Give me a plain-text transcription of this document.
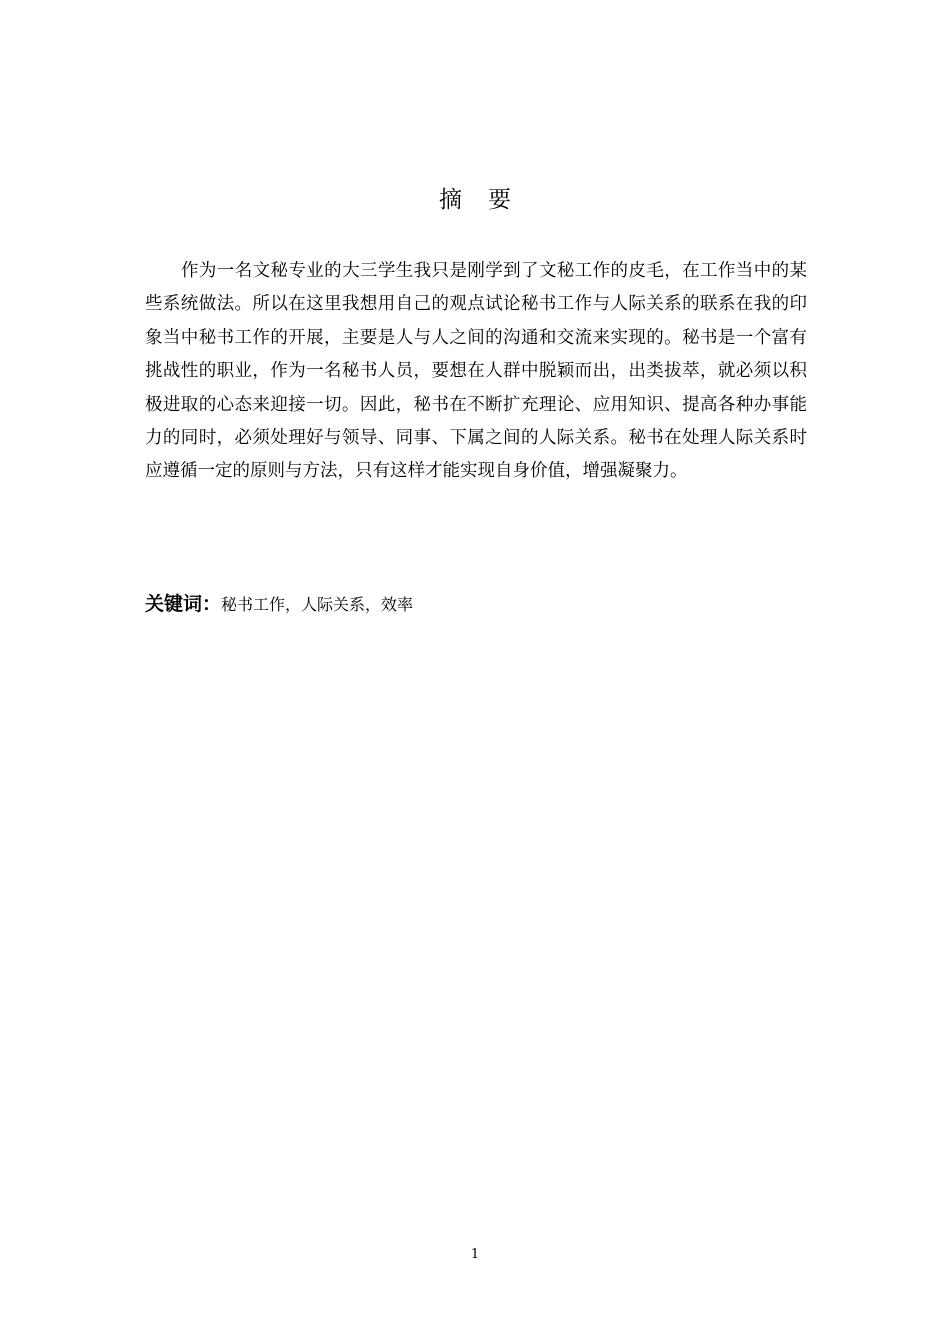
摘要

作为一名文秘专业的大三学生我只是刚学到了文秘工作的皮毛，在工作当中的某些系统做法。所以在这里我想用自己的观点试论秘书工作与人际关系的联系在我的印象当中秘书工作的开展，主要是人与人之间的沟通和交流来实现的。秘书是一个富有挑战性的职业，作为一名秘书人员，要想在人群中脱颖而出，出类拔萃，就必须以积极进取的心态来迎接一切。因此，秘书在不断扩充理论、应用知识、提高各种办事能力的同时，必须处理好与领导、同事、下属之间的人际关系。秘书在处理人际关系时应遵循一定的原则与方法，只有这样才能实现自身价值，增强凝聚力。

关键词：秘书工作，人际关系，效率
1
